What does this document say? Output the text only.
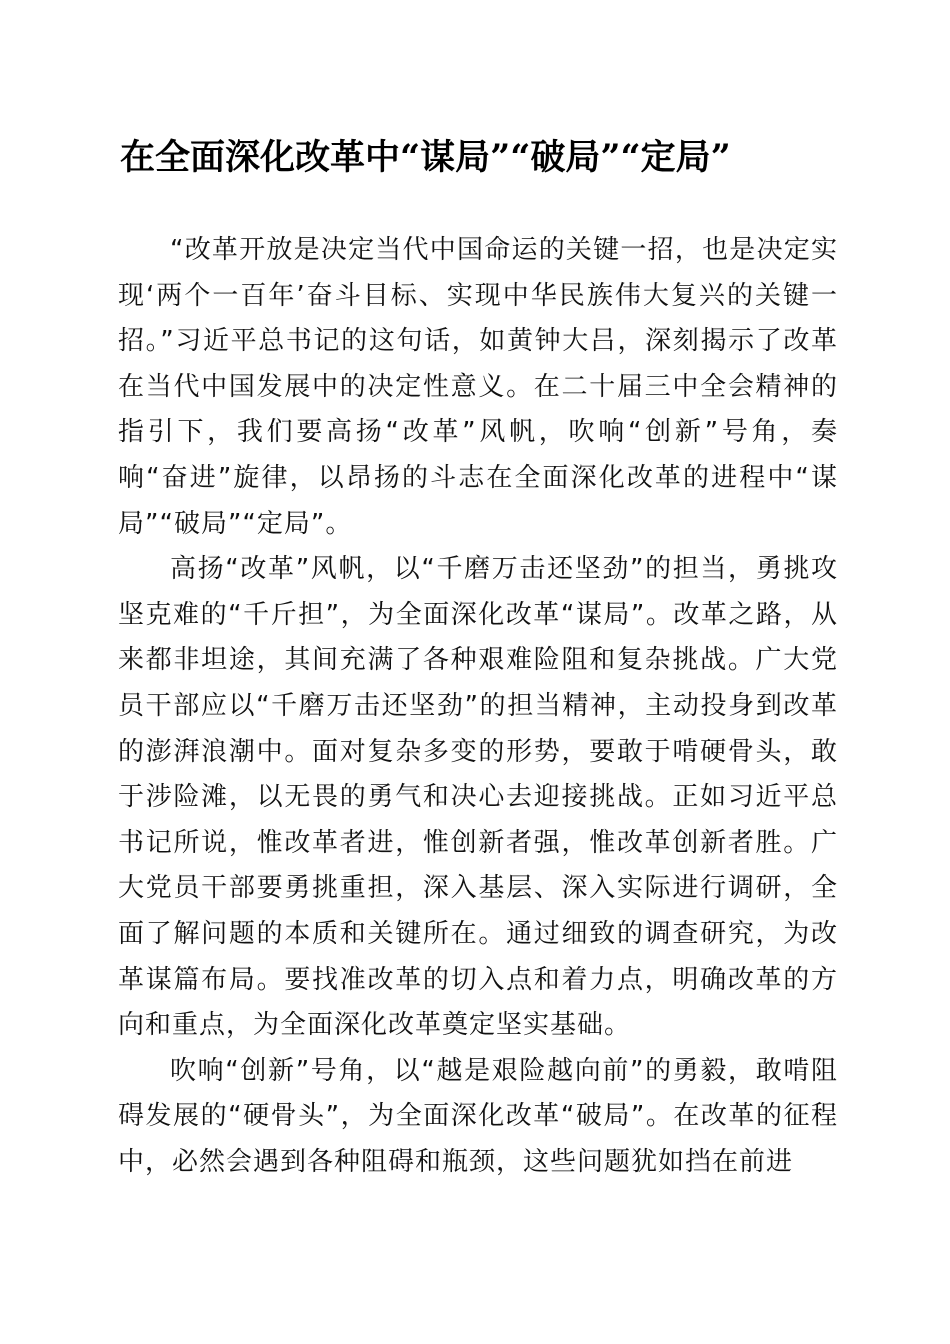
在全面深化改革中“谋局”“破局”“定局”

“改革开放是决定当代中国命运的关键一招，也是决定实现‘两个一百年’奋斗目标、实现中华民族伟大复兴的关键一招。”习近平总书记的这句话，如黄钟大吕，深刻揭示了改革在当代中国发展中的决定性意义。在二十届三中全会精神的指引下，我们要高扬“改革”风帆，吹响“创新”号角，奏响“奋进”旋律，以昂扬的斗志在全面深化改革的进程中“谋局”“破局”“定局”。

高扬“改革”风帆，以“千磨万击还坚劲”的担当，勇挑攻坚克难的“千斤担”，为全面深化改革“谋局”。改革之路，从来都非坦途，其间充满了各种艰难险阻和复杂挑战。广大党员干部应以“千磨万击还坚劲”的担当精神，主动投身到改革的澎湃浪潮中。面对复杂多变的形势，要敢于啃硬骨头，敢于涉险滩，以无畏的勇气和决心去迎接挑战。正如习近平总书记所说，惟改革者进，惟创新者强，惟改革创新者胜。广大党员干部要勇挑重担，深入基层、深入实际进行调研，全面了解问题的本质和关键所在。通过细致的调查研究，为改革谋篇布局。要找准改革的切入点和着力点，明确改革的方向和重点，为全面深化改革奠定坚实基础。

吹响“创新”号角，以“越是艰险越向前”的勇毅，敢啃阻碍发展的“硬骨头”，为全面深化改革“破局”。在改革的征程中，必然会遇到各种阻碍和瓶颈，这些问题犹如挡在前进
